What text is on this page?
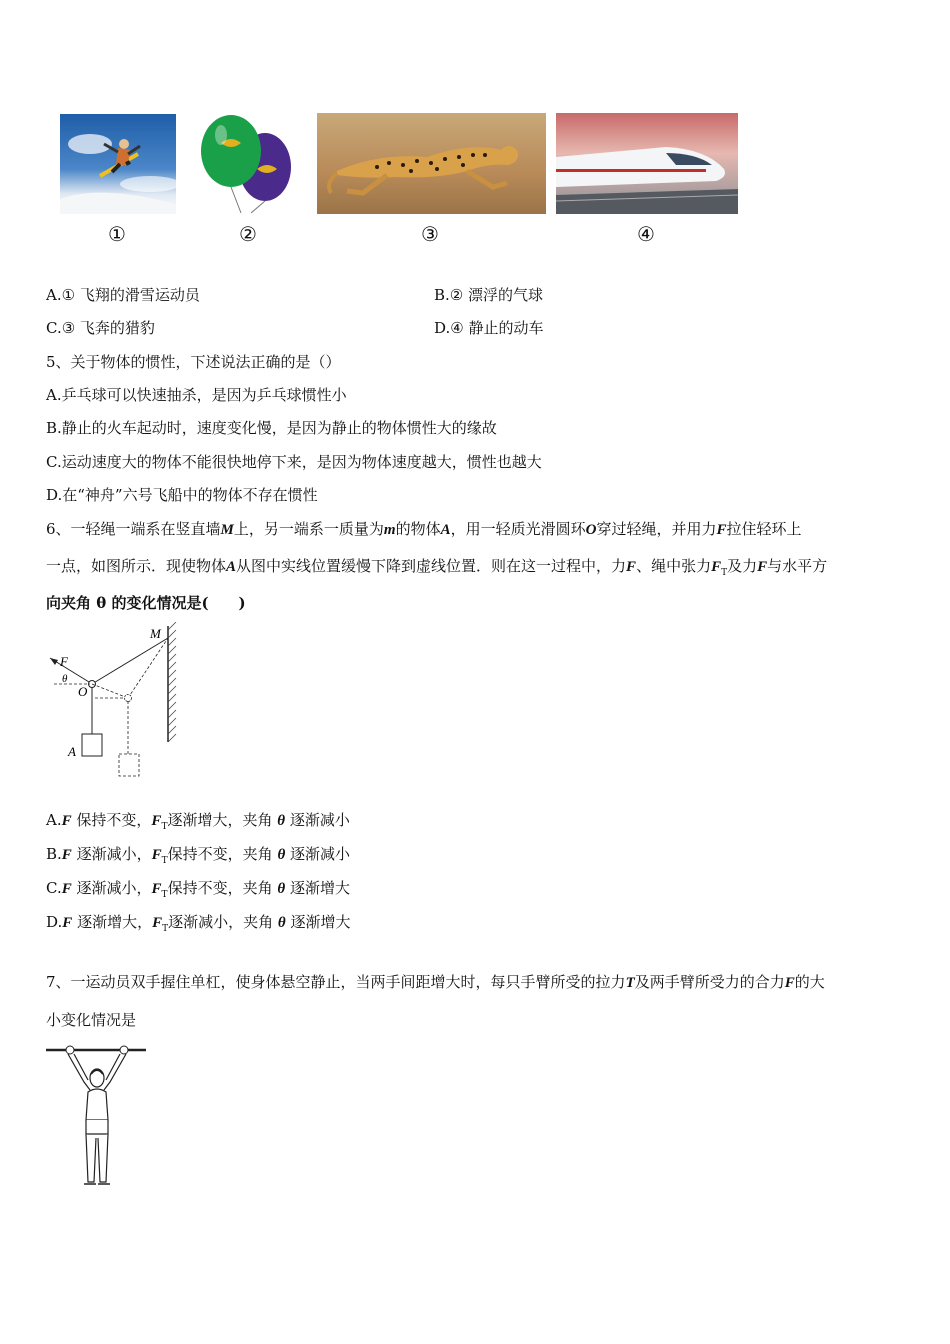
①	②	③	④
A.① 飞翔的滑雪运动员	B.② 漂浮的气球
C.③ 飞奔的猎豹	D.④ 静止的动车
5、关于物体的惯性，下述说法正确的是（）
A.乒乓球可以快速抽杀，是因为乒乓球惯性小
B.静止的火车起动时，速度变化慢，是因为静止的物体惯性大的缘故
C.运动速度大的物体不能很快地停下来，是因为物体速度越大，惯性也越大
D.在“神舟”六号飞船中的物体不存在惯性
6、一轻绳一端系在竖直墙M上，另一端系一质量为m的物体A，用一轻质光滑圆环O穿过轻绳，并用力F拉住轻环上
一点，如图所示．现使物体A从图中实线位置缓慢下降到虚线位置．则在这一过程中，力F、绳中张力$F_T$及力F与水平方
向夹角 θ 的变化情况是(　　)
F
θ
O
A
M
A.F 保持不变，$F_T$逐渐增大，夹角 θ 逐渐减小
B.F 逐渐减小，$F_T$保持不变，夹角 θ 逐渐减小
C.F 逐渐减小，$F_T$保持不变，夹角 θ 逐渐增大
D.F 逐渐增大，$F_T$逐渐减小，夹角 θ 逐渐增大
7、一运动员双手握住单杠，使身体悬空静止，当两手间距增大时，每只手臂所受的拉力T及两手臂所受力的合力F的大
小变化情况是
